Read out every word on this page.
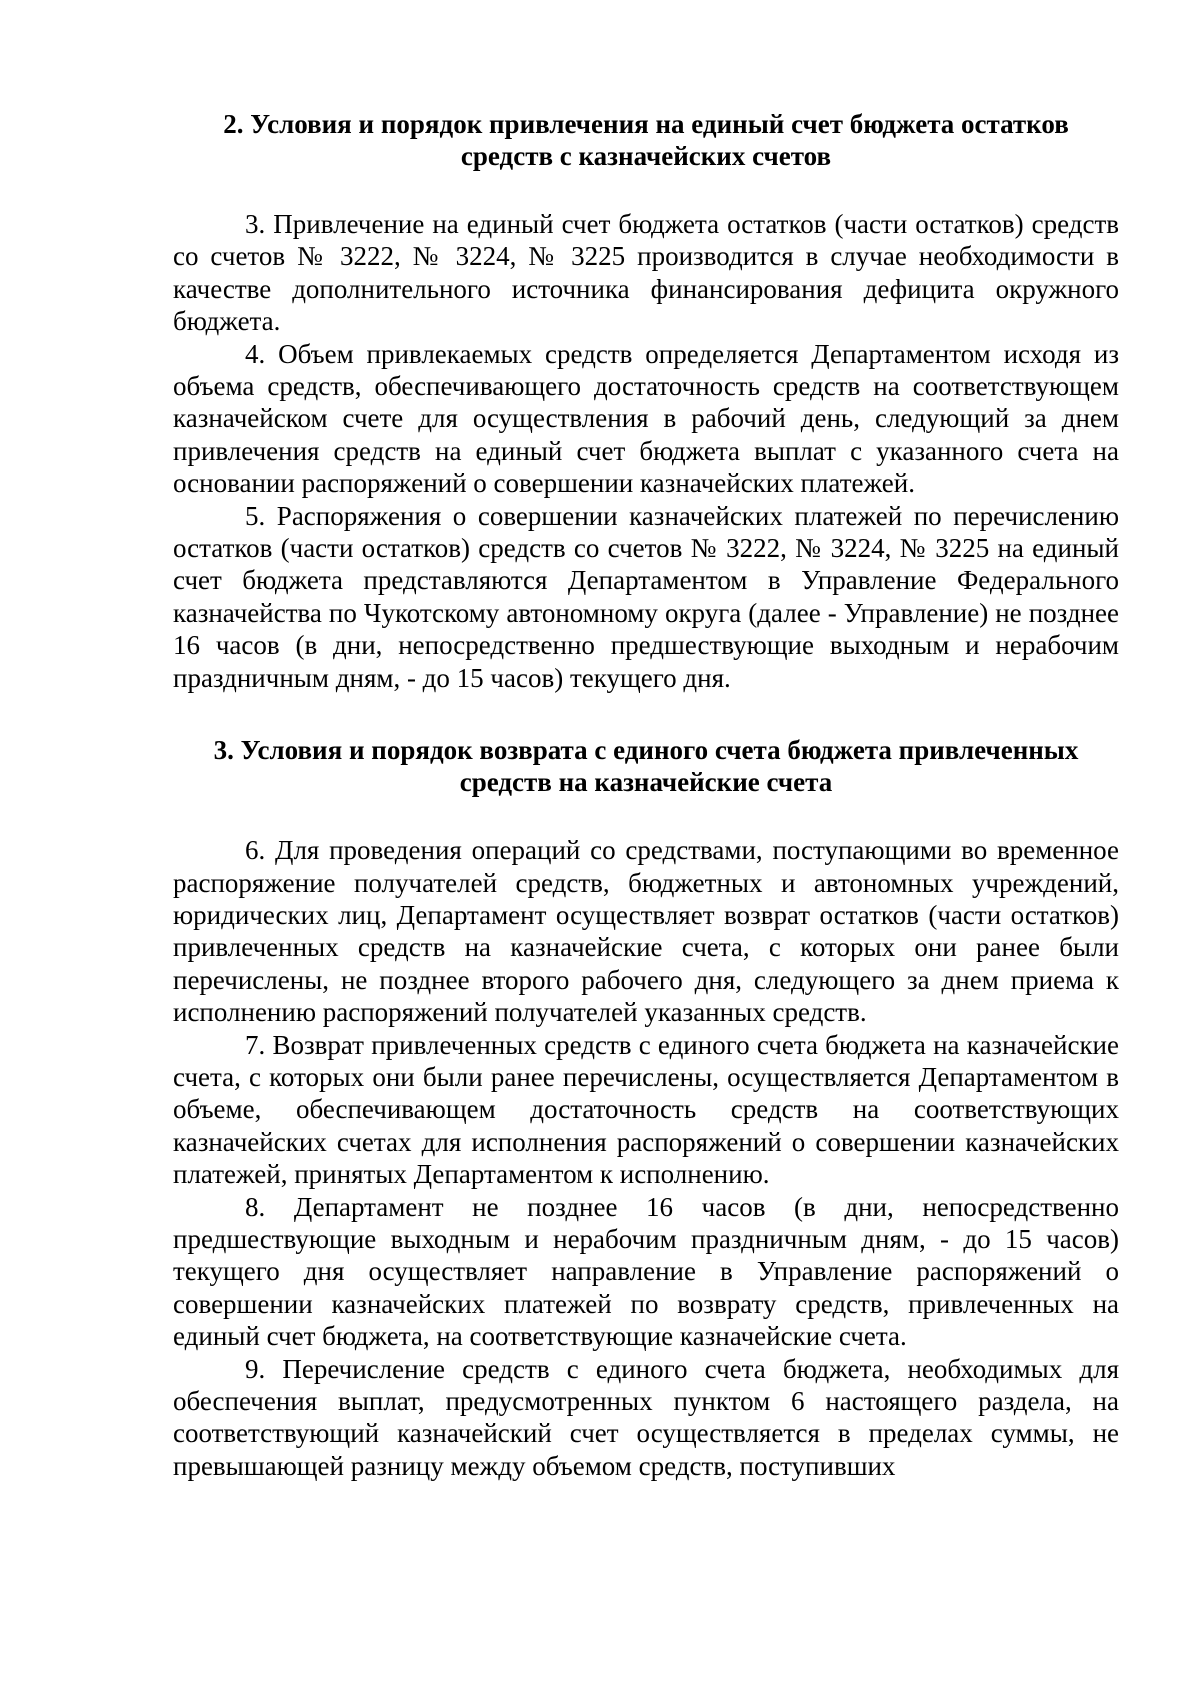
2. Условия и порядок привлечения на единый счет бюджета остатков
средств с казначейских счетов

3. Привлечение на единый счет бюджета остатков (части остатков) средств со счетов № 3222, № 3224, № 3225 производится в случае необходимости в качестве дополнительного источника финансирования дефицита окружного бюджета.

4. Объем привлекаемых средств определяется Департаментом исходя из объема средств, обеспечивающего достаточность средств на соответствующем казначейском счете для осуществления в рабочий день, следующий за днем привлечения средств на единый счет бюджета выплат с указанного счета на основании распоряжений о совершении казначейских платежей.

5. Распоряжения о совершении казначейских платежей по перечислению остатков (части остатков) средств со счетов № 3222, № 3224, № 3225 на единый счет бюджета представляются Департаментом в Управление Федерального казначейства по Чукотскому автономному округа (далее - Управление) не позднее 16 часов (в дни, непосредственно предшествующие выходным и нерабочим праздничным дням, - до 15 часов) текущего дня.

3. Условия и порядок возврата с единого счета бюджета привлеченных
средств на казначейские счета

6. Для проведения операций со средствами, поступающими во временное распоряжение получателей средств, бюджетных и автономных учреждений, юридических лиц, Департамент осуществляет возврат остатков (части остатков) привлеченных средств на казначейские счета, с которых они ранее были перечислены, не позднее второго рабочего дня, следующего за днем приема к исполнению распоряжений получателей указанных средств.

7. Возврат привлеченных средств с единого счета бюджета на казначейские счета, с которых они были ранее перечислены, осуществляется Департаментом в объеме, обеспечивающем достаточность средств на соответствующих казначейских счетах для исполнения распоряжений о совершении казначейских платежей, принятых Департаментом к исполнению.

8. Департамент не позднее 16 часов (в дни, непосредственно предшествующие выходным и нерабочим праздничным дням, - до 15 часов) текущего дня осуществляет направление в Управление распоряжений о совершении казначейских платежей по возврату средств, привлеченных на единый счет бюджета, на соответствующие казначейские счета.

9. Перечисление средств с единого счета бюджета, необходимых для обеспечения выплат, предусмотренных пунктом 6 настоящего раздела, на соответствующий казначейский счет осуществляется в пределах суммы, не превышающей разницу между объемом средств, поступивших
